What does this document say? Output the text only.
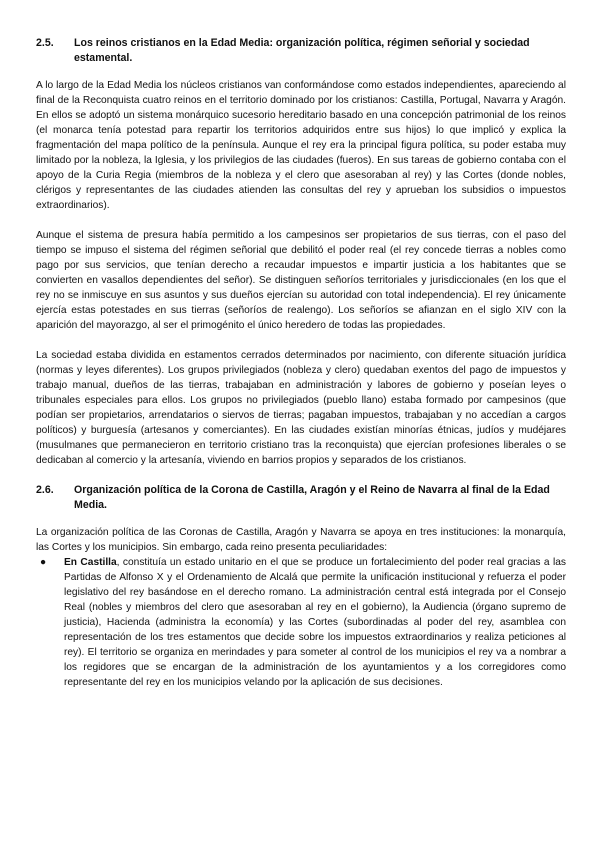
2.5.	Los reinos cristianos en la Edad Media: organización política, régimen señorial y sociedad estamental.

A lo largo de la Edad Media los núcleos cristianos van conformándose como estados independientes, apareciendo al final de la Reconquista cuatro reinos en el territorio dominado por los cristianos: Castilla, Portugal, Navarra y Aragón. En ellos se adoptó un sistema monárquico sucesorio hereditario basado en una concepción patrimonial de los reinos (el monarca tenía potestad para repartir los territorios adquiridos entre sus hijos) lo que implicó y explica la fragmentación del mapa político de la península. Aunque el rey era la principal figura política, su poder estaba muy limitado por la nobleza, la Iglesia, y los privilegios de las ciudades (fueros). En sus tareas de gobierno contaba con el apoyo de la Curia Regia (miembros de la nobleza y el clero que asesoraban al rey) y las Cortes (donde nobles, clérigos y representantes de las ciudades atienden las consultas del rey y aprueban los subsidios o impuestos extraordinarios).

Aunque el sistema de presura había permitido a los campesinos ser propietarios de sus tierras, con el paso del tiempo se impuso el sistema del régimen señorial que debilitó el poder real (el rey concede tierras a nobles como pago por sus servicios, que tenían derecho a recaudar impuestos e impartir justicia a los habitantes que se convierten en vasallos dependientes del señor). Se distinguen señoríos territoriales y jurisdiccionales (en los que el rey no se inmiscuye en sus asuntos y sus dueños ejercían su autoridad con total independencia). El rey únicamente ejercía estas potestades en sus tierras (señoríos de realengo). Los señoríos se afianzan en el siglo XIV con la aparición del mayorazgo, al ser el primogénito el único heredero de todas las propiedades.

La sociedad estaba dividida en estamentos cerrados determinados por nacimiento, con diferente situación jurídica (normas y leyes diferentes). Los grupos privilegiados (nobleza y clero) quedaban exentos del pago de impuestos y trabajo manual, dueños de las tierras, trabajaban en administración y labores de gobierno y poseían leyes o tribunales especiales para ellos. Los grupos no privilegiados (pueblo llano) estaba formado por campesinos (que podían ser propietarios, arrendatarios o siervos de tierras; pagaban impuestos, trabajaban y no accedían a cargos políticos) y burguesía (artesanos y comerciantes). En las ciudades existían minorías étnicas, judíos y mudéjares (musulmanes que permanecieron en territorio cristiano tras la reconquista) que ejercían profesiones liberales o se dedicaban al comercio y la artesanía, viviendo en barrios propios y separados de los cristianos.

2.6.	Organización política de la Corona de Castilla, Aragón y el Reino de Navarra al final de la Edad Media.

La organización política de las Coronas de Castilla, Aragón y Navarra se apoya en tres instituciones: la monarquía, las Cortes y los municipios. Sin embargo, cada reino presenta peculiaridades:

●	En Castilla, constituía un estado unitario en el que se produce un fortalecimiento del poder real gracias a las Partidas de Alfonso X y el Ordenamiento de Alcalá que permite la unificación institucional y refuerza el poder legislativo del rey basándose en el derecho romano. La administración central está integrada por el Consejo Real (nobles y miembros del clero que asesoraban al rey en el gobierno), la Audiencia (órgano supremo de justicia), Hacienda (administra la economía) y las Cortes (subordinadas al poder del rey, asamblea con representación de los tres estamentos que decide sobre los impuestos extraordinarios y realiza peticiones al rey). El territorio se organiza en merindades y para someter al control de los municipios el rey va a nombrar a los regidores que se encargan de la administración de los ayuntamientos y a los corregidores como representante del rey en los municipios velando por la aplicación de sus decisiones.
